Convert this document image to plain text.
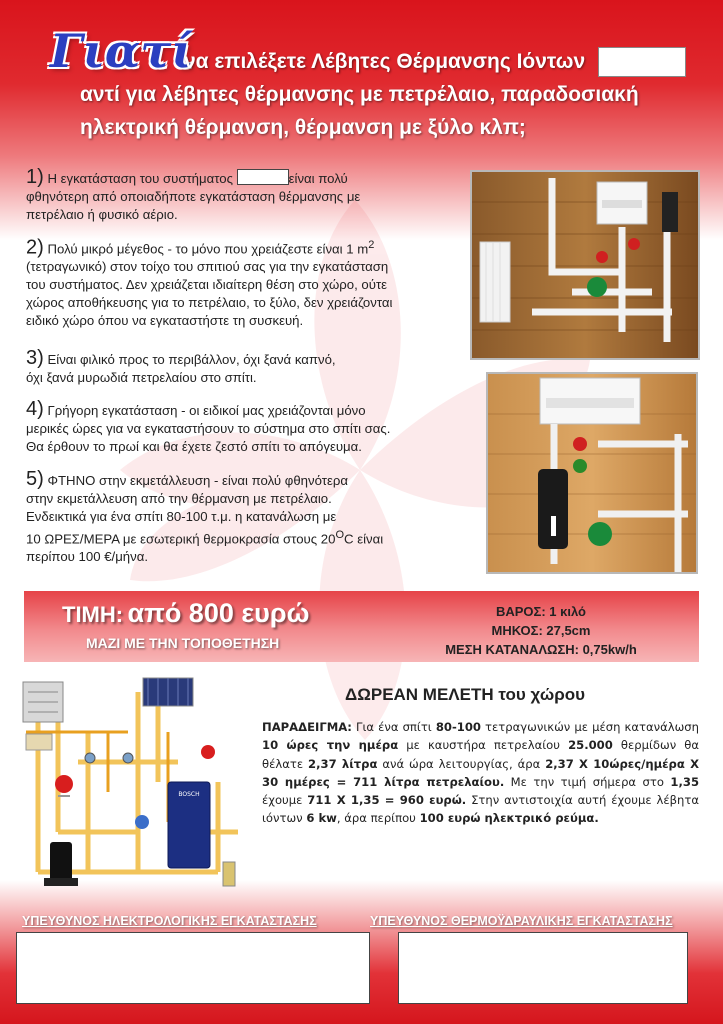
Γιατί
να επιλέξετε Λέβητες Θέρμανσης Ιόντων
αντί για λέβητες θέρμανσης με πετρέλαιο, παραδοσιακή
ηλεκτρική θέρμανση, θέρμανση με ξύλο κλπ;
1) Η εγκατάσταση του συστήματος	είναι πολύ
φθηνότερη από οποιαδήποτε εγκατάσταση θέρμανσης με
πετρέλαιο ή φυσικό αέριο.
2) Πολύ μικρό μέγεθος - το μόνο που χρειάζεστε είναι 1 $m^2$
(τετραγωνικό) στον τοίχο του σπιτιού σας για την εγκατάσταση
του συστήματος. Δεν χρειάζεται ιδιαίτερη θέση στο χώρο, ούτε
χώρος αποθήκευσης για το πετρέλαιο, το ξύλο, δεν χρειάζονται
ειδικό χώρο όπου να εγκαταστήστε τη συσκευή.
3) Είναι φιλικό προς το περιβάλλον, όχι ξανά καπνό,
όχι ξανά μυρωδιά πετρελαίου στο σπίτι.
4) Γρήγορη εγκατάσταση - οι ειδικοί μας χρειάζονται μόνο
μερικές ώρες για να εγκαταστήσουν το σύστημα στο σπίτι σας.
Θα έρθουν το πρωί και θα έχετε ζεστό σπίτι το απόγευμα.
5) ΦΤΗΝΟ στην εκμετάλλευση - είναι πολύ φθηνότερα
στην εκμετάλλευση από την θέρμανση με πετρέλαιο.
Ενδεικτικά για ένα σπίτι 80-100 τ.μ. η κατανάλωση με
10 ΩΡΕΣ/ΜΕΡΑ με εσωτερική θερμοκρασία στους $20^OC$ είναι
περίπου 100 €/μήνα.
ΤΙΜΗ: από 800 ευρώ
ΜΑΖΙ ΜΕ ΤΗΝ ΤΟΠΟΘΕΤΗΣΗ
ΒΑΡΟΣ: 1 κιλό
ΜΗΚΟΣ: 27,5cm
ΜΕΣΗ ΚΑΤΑΝΑΛΩΣΗ: 0,75kw/h
BOSCH
ΔΩΡΕΑΝ ΜΕΛΕΤΗ του χώρου
ΠΑΡΑΔΕΙΓΜΑ: Για ένα σπίτι 80-100 τετραγωνικών με μέση κατανάλωση 10 ώρες την ημέρα με καυστήρα πετρελαίου 25.000 θερμίδων θα θέλατε 2,37 λίτρα ανά ώρα λειτουργίας, άρα 2,37 Χ 10ώρες/ημέρα Χ 30 ημέρες = 711 λίτρα πετρελαίου. Με την τιμή σήμερα στο 1,35 έχουμε 711 Χ 1,35 = 960 ευρώ. Στην αντιστοιχία αυτή έχουμε λέβητα ιόντων 6 kw, άρα περίπου 100 ευρώ ηλεκτρικό ρεύμα.
ΥΠΕΥΘΥΝΟΣ ΗΛΕΚΤΡΟΛΟΓΙΚΗΣ ΕΓΚΑΤΑΣΤΑΣΗΣ	ΥΠΕΥΘΥΝΟΣ ΘΕΡΜΟΫΔΡΑΥΛΙΚΗΣ ΕΓΚΑΤΑΣΤΑΣΗΣ
